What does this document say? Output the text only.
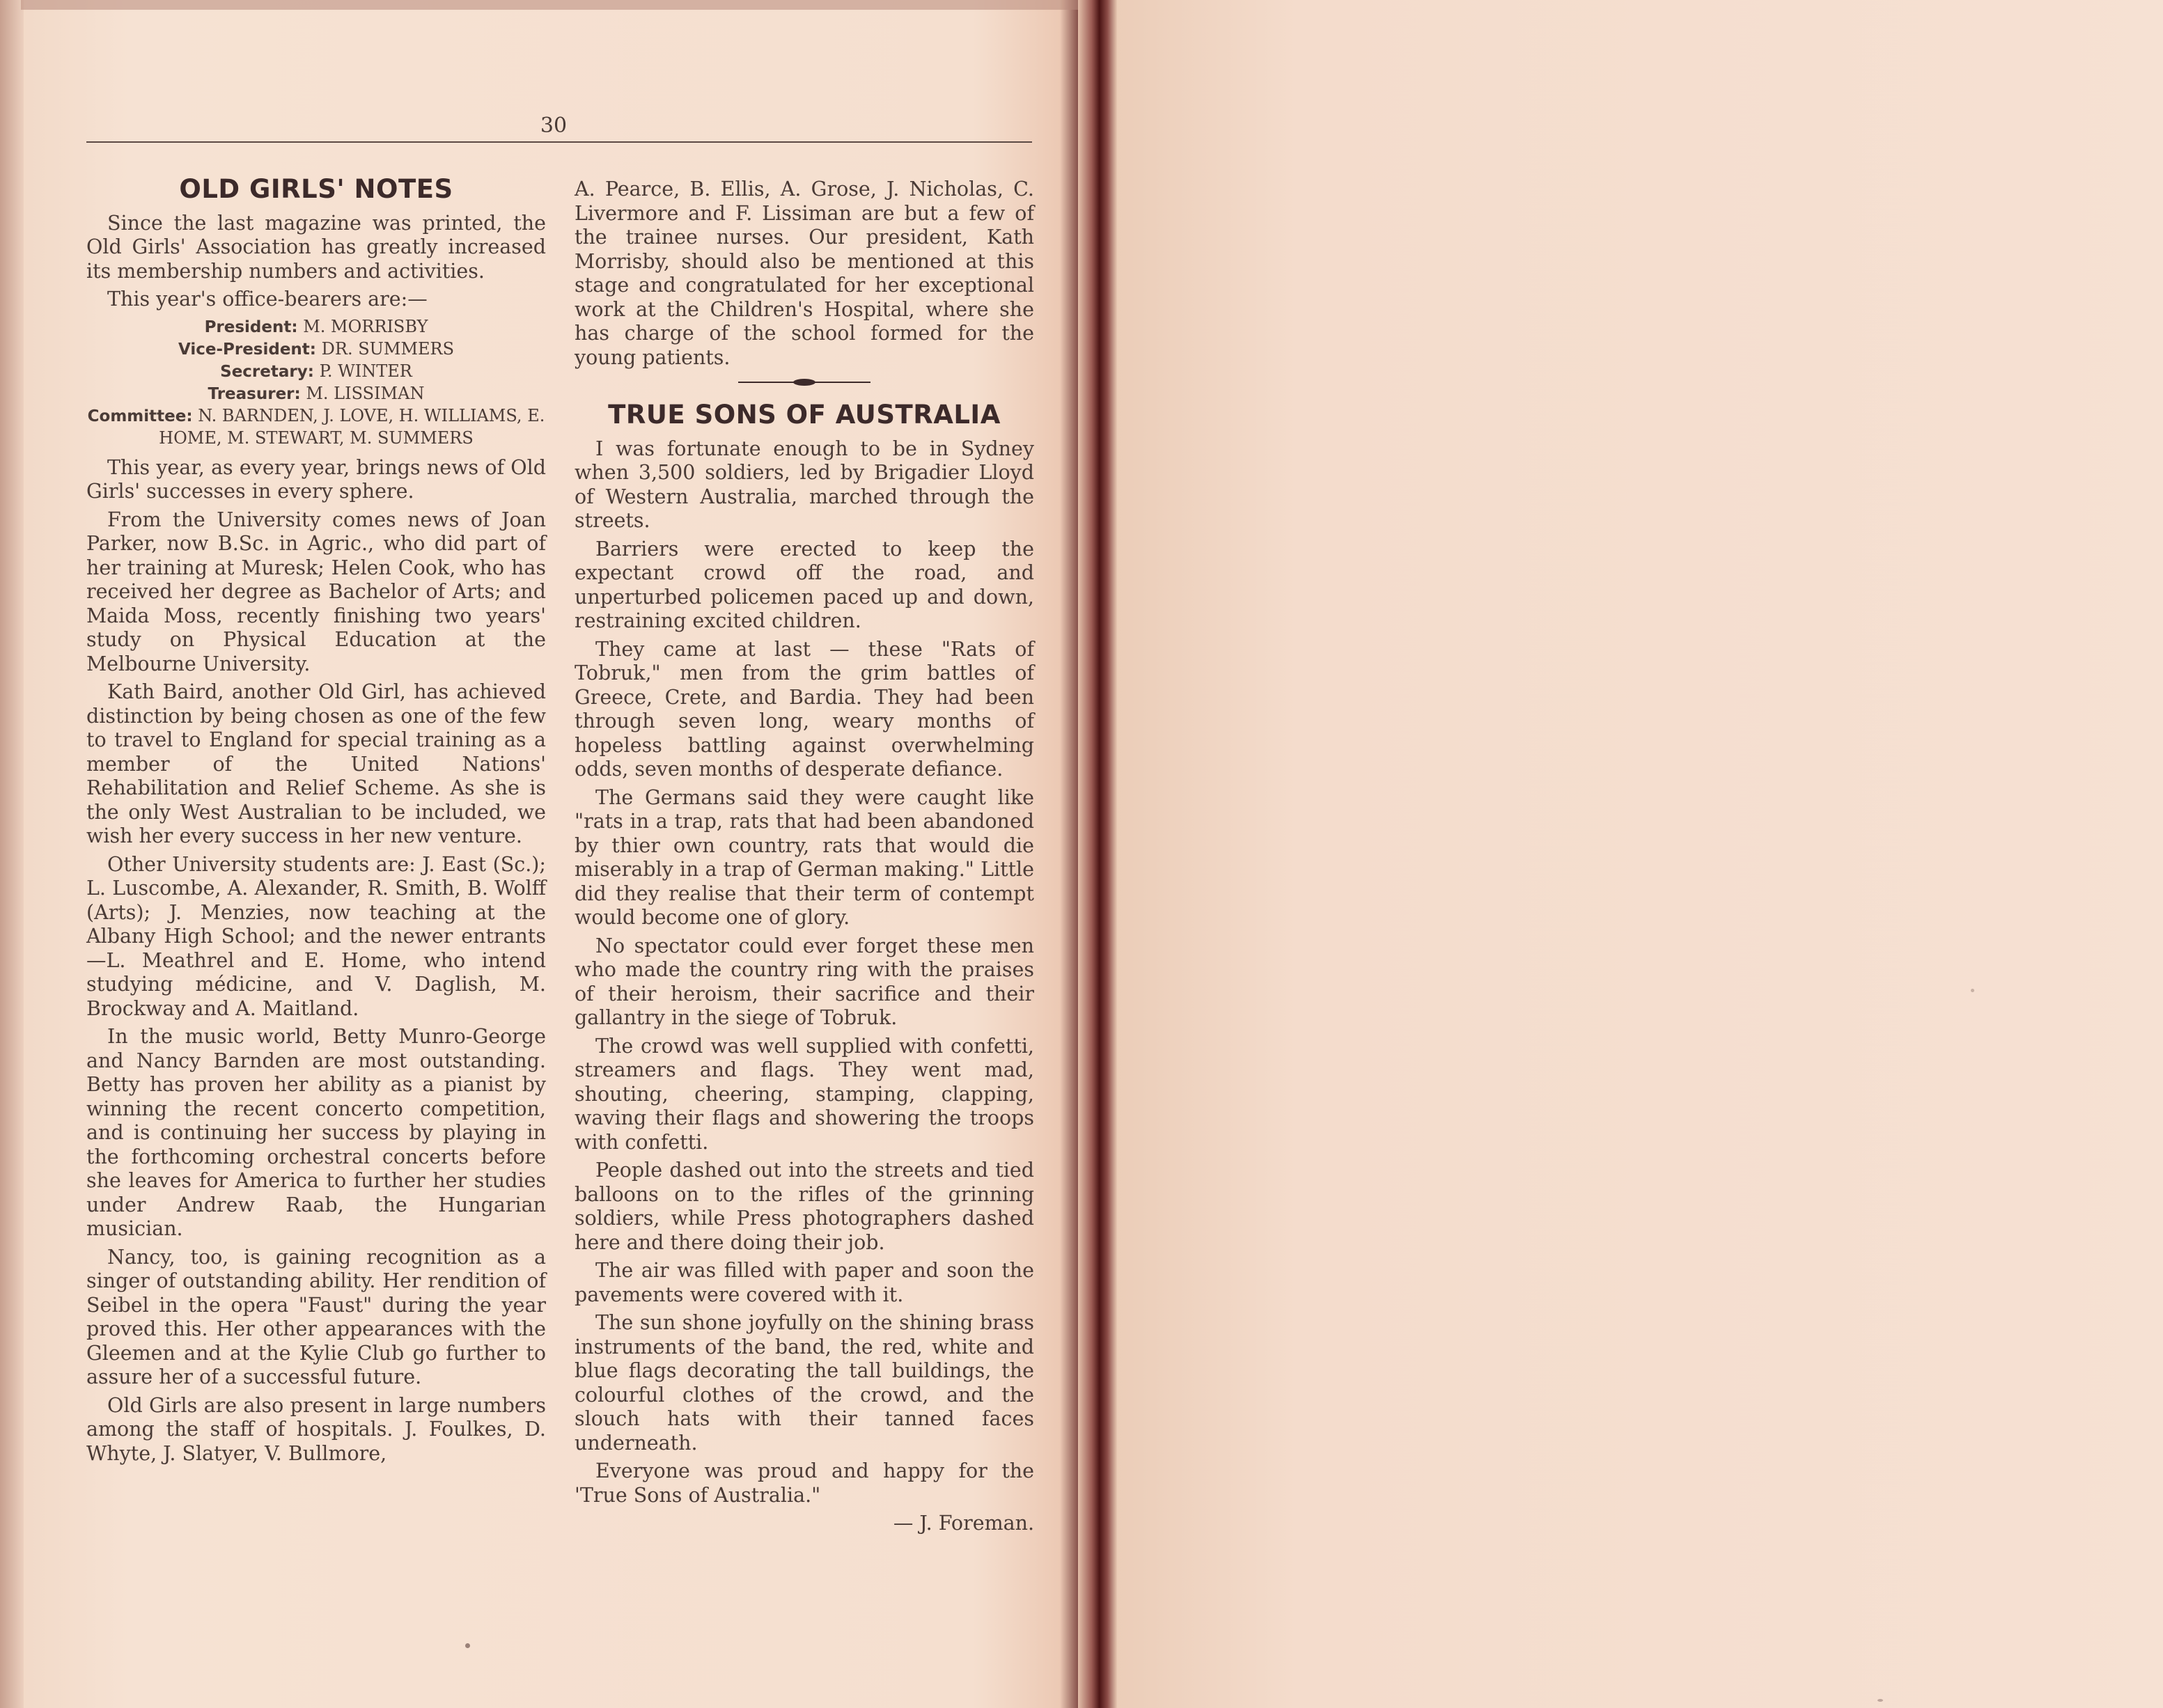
30
OLD GIRLS' NOTES

Since the last magazine was printed, the Old Girls' Association has greatly increased its membership numbers and activities.

This year's office-bearers are:—

President: M. MORRISBY
Vice-President: DR. SUMMERS
Secretary: P. WINTER
Treasurer: M. LISSIMAN
Committee: N. BARNDEN, J. LOVE, H. WILLIAMS, E. HOME, M. STEWART, M. SUMMERS

This year, as every year, brings news of Old Girls' successes in every sphere.

From the University comes news of Joan Parker, now B.Sc. in Agric., who did part of her training at Muresk; Helen Cook, who has received her degree as Bachelor of Arts; and Maida Moss, recently finishing two years' study on Physical Education at the Melbourne University.

Kath Baird, another Old Girl, has achieved distinction by being chosen as one of the few to travel to England for special training as a member of the United Nations' Rehabilitation and Relief Scheme. As she is the only West Australian to be included, we wish her every success in her new venture.

Other University students are: J. East (Sc.); L. Luscombe, A. Alexander, R. Smith, B. Wolff (Arts); J. Menzies, now teaching at the Albany High School; and the newer entrants—L. Meathrel and E. Home, who intend studying médicine, and V. Daglish, M. Brockway and A. Maitland.

In the music world, Betty Munro-George and Nancy Barnden are most outstanding. Betty has proven her ability as a pianist by winning the recent concerto competition, and is continuing her success by playing in the forthcoming orchestral concerts before she leaves for America to further her studies under Andrew Raab, the Hungarian musician.

Nancy, too, is gaining recognition as a singer of outstanding ability. Her rendition of Seibel in the opera "Faust" during the year proved this. Her other appearances with the Gleemen and at the Kylie Club go further to assure her of a successful future.

Old Girls are also present in large numbers among the staff of hospitals. J. Foulkes, D. Whyte, J. Slatyer, V. Bullmore,

A. Pearce, B. Ellis, A. Grose, J. Nicholas, C. Livermore and F. Lissiman are but a few of the trainee nurses. Our president, Kath Morrisby, should also be mentioned at this stage and congratulated for her exceptional work at the Children's Hospital, where she has charge of the school formed for the young patients.

TRUE SONS OF AUSTRALIA

I was fortunate enough to be in Sydney when 3,500 soldiers, led by Brigadier Lloyd of Western Australia, marched through the streets.

Barriers were erected to keep the expectant crowd off the road, and unperturbed policemen paced up and down, restraining excited children.

They came at last — these "Rats of Tobruk," men from the grim battles of Greece, Crete, and Bardia. They had been through seven long, weary months of hopeless battling against overwhelming odds, seven months of desperate defiance.

The Germans said they were caught like "rats in a trap, rats that had been abandoned by thier own country, rats that would die miserably in a trap of German making." Little did they realise that their term of contempt would become one of glory.

No spectator could ever forget these men who made the country ring with the praises of their heroism, their sacrifice and their gallantry in the siege of Tobruk.

The crowd was well supplied with confetti, streamers and flags. They went mad, shouting, cheering, stamping, clapping, waving their flags and showering the troops with confetti.

People dashed out into the streets and tied balloons on to the rifles of the grinning soldiers, while Press photographers dashed here and there doing their job.

The air was filled with paper and soon the pavements were covered with it.

The sun shone joyfully on the shining brass instruments of the band, the red, white and blue flags decorating the tall buildings, the colourful clothes of the crowd, and the slouch hats with their tanned faces underneath.

Everyone was proud and happy for the 'True Sons of Australia."

— J. Foreman.
